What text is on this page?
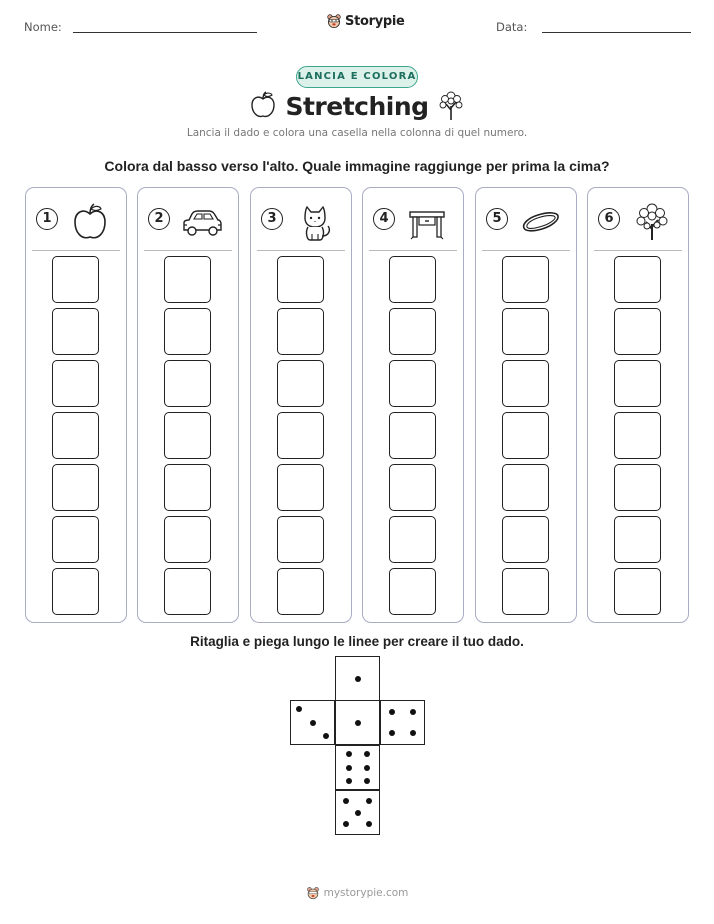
Nome:	Storypie	Data:
LANCIA E COLORA
Stretching
Lancia il dado e colora una casella nella colonna di quel numero.
Colora dal basso verso l'alto. Quale immagine raggiunge per prima la cima?
1	2	3	4	5	6
Ritaglia e piega lungo le linee per creare il tuo dado.
mystorypie.com
